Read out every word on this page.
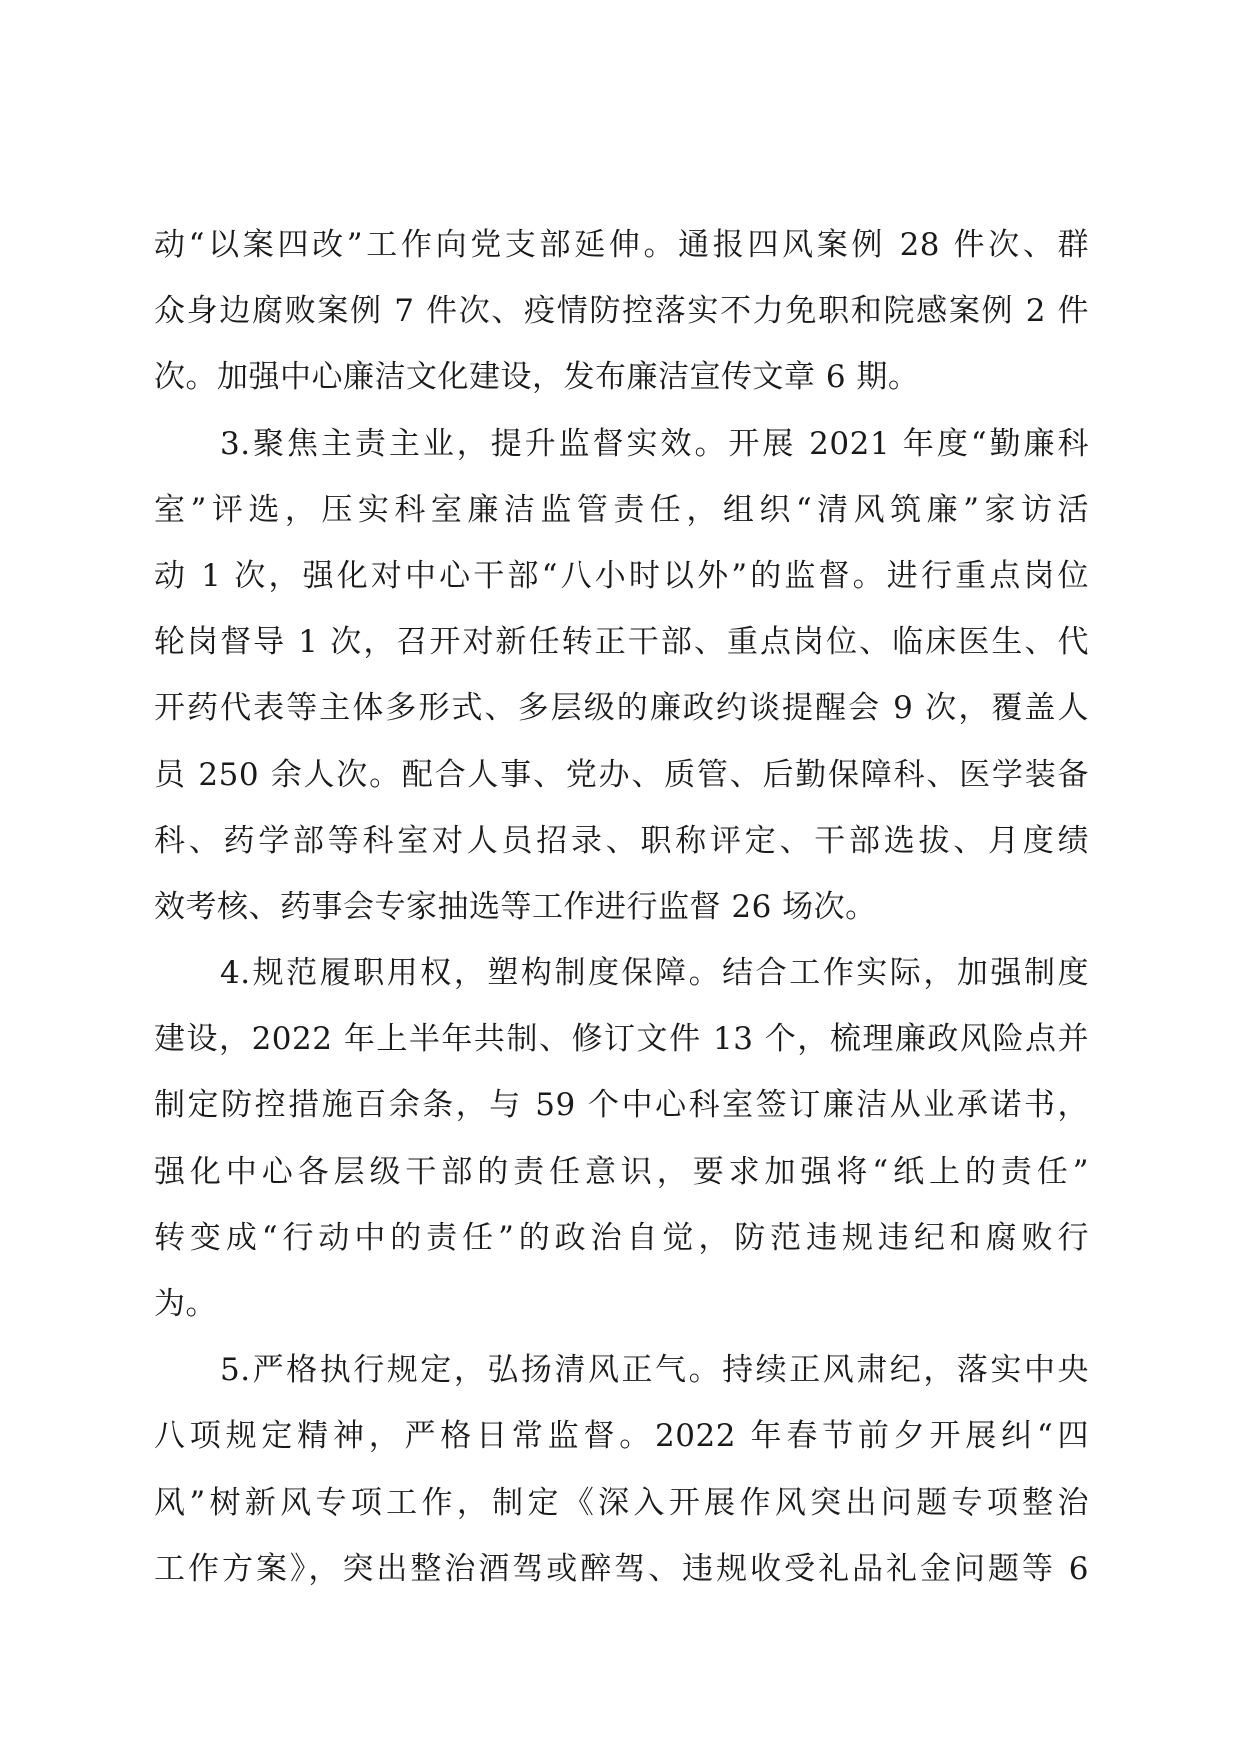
动“以案四改”工作向党支部延伸。通报四风案例 28 件次、群
众身边腐败案例 7 件次、疫情防控落实不力免职和院感案例 2 件
次。加强中心廉洁文化建设，发布廉洁宣传文章 6 期。
3.聚焦主责主业，提升监督实效。开展 2021 年度“勤廉科
室”评选，压实科室廉洁监管责任，组织“清风筑廉”家访活
动 1 次，强化对中心干部“八小时以外”的监督。进行重点岗位
轮岗督导 1 次，召开对新任转正干部、重点岗位、临床医生、代
开药代表等主体多形式、多层级的廉政约谈提醒会 9 次，覆盖人
员 250 余人次。配合人事、党办、质管、后勤保障科、医学装备
科、药学部等科室对人员招录、职称评定、干部选拔、月度绩
效考核、药事会专家抽选等工作进行监督 26 场次。
4.规范履职用权，塑构制度保障。结合工作实际，加强制度
建设，2022 年上半年共制、修订文件 13 个，梳理廉政风险点并
制定防控措施百余条，与 59 个中心科室签订廉洁从业承诺书，
强化中心各层级干部的责任意识，要求加强将“纸上的责任”
转变成“行动中的责任”的政治自觉，防范违规违纪和腐败行
为。
5.严格执行规定，弘扬清风正气。持续正风肃纪，落实中央
八项规定精神，严格日常监督。2022 年春节前夕开展纠“四
风”树新风专项工作，制定《深入开展作风突出问题专项整治
工作方案》，突出整治酒驾或醉驾、违规收受礼品礼金问题等 6
